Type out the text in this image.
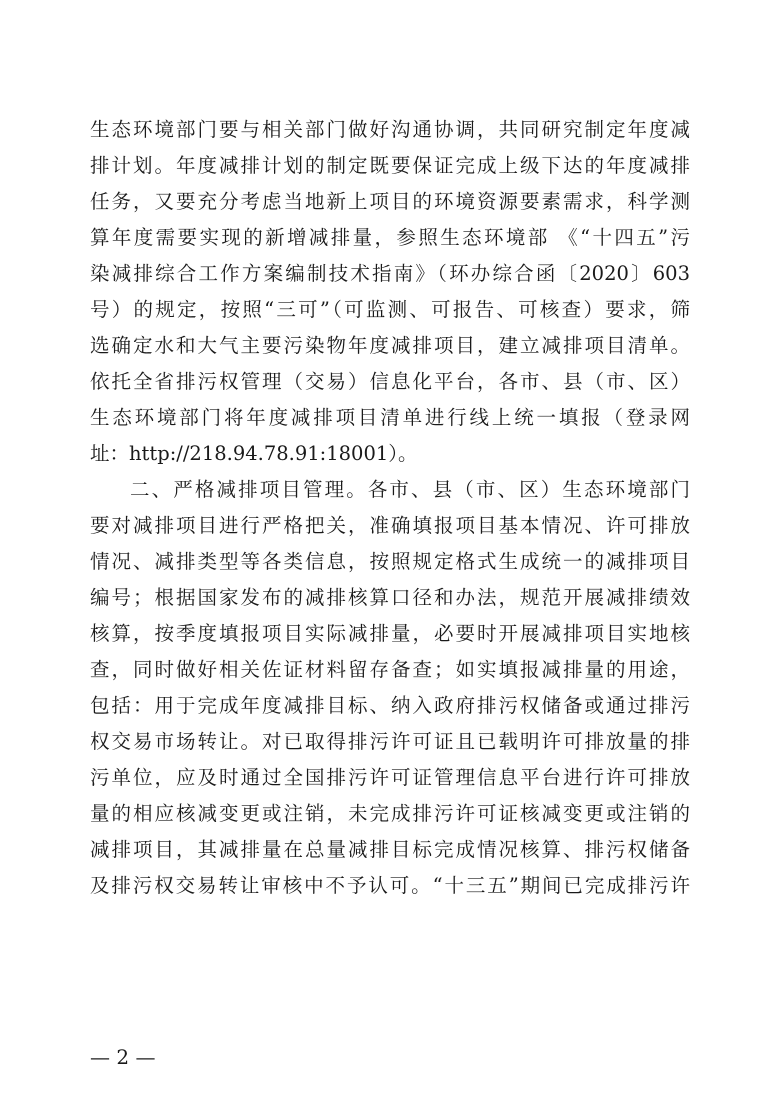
生态环境部门要与相关部门做好沟通协调，共同研究制定年度减
排计划。年度减排计划的制定既要保证完成上级下达的年度减排
任务，又要充分考虑当地新上项目的环境资源要素需求，科学测
算年度需要实现的新增减排量，参照生态环境部 《“十四五”污
染减排综合工作方案编制技术指南》（环办综合函〔2020〕603
号）的规定，按照“三可”（可监测、可报告、可核查）要求，筛
选确定水和大气主要污染物年度减排项目，建立减排项目清单。
依托全省排污权管理（交易）信息化平台，各市、县（市、区）
生态环境部门将年度减排项目清单进行线上统一填报（登录网
址：http://218.94.78.91:18001）。
二、严格减排项目管理。各市、县（市、区）生态环境部门
要对减排项目进行严格把关，准确填报项目基本情况、许可排放
情况、减排类型等各类信息，按照规定格式生成统一的减排项目
编号；根据国家发布的减排核算口径和办法，规范开展减排绩效
核算，按季度填报项目实际减排量，必要时开展减排项目实地核
查，同时做好相关佐证材料留存备查；如实填报减排量的用途，
包括：用于完成年度减排目标、纳入政府排污权储备或通过排污
权交易市场转让。对已取得排污许可证且已载明许可排放量的排
污单位，应及时通过全国排污许可证管理信息平台进行许可排放
量的相应核减变更或注销，未完成排污许可证核减变更或注销的
减排项目，其减排量在总量减排目标完成情况核算、排污权储备
及排污权交易转让审核中不予认可。“十三五”期间已完成排污许
— 2 —
